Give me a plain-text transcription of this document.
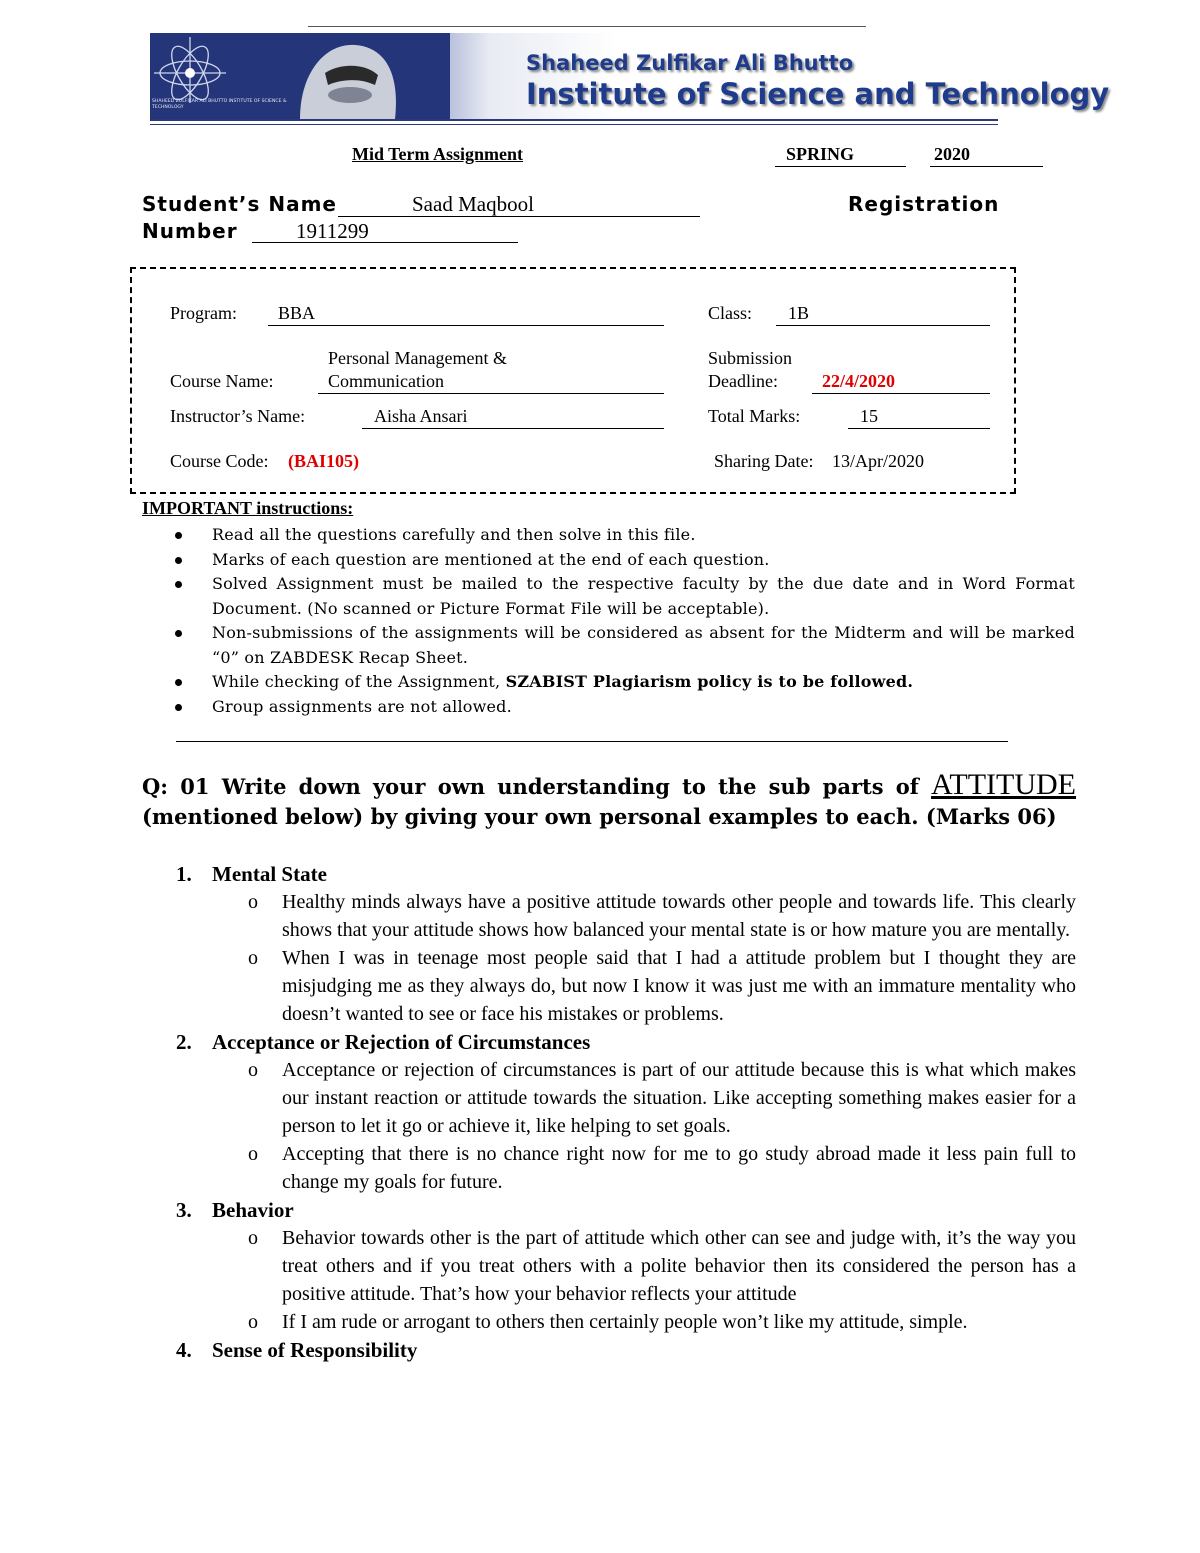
SHAHEED ZULFIKAR ALI BHUTTO INSTITUTE OF SCIENCE & TECHNOLOGY
Shaheed Zulfikar Ali Bhutto
Institute of Science and Technology
Mid Term Assignment	SPRING	2020
Student’s Name	Saad Maqbool	Registration
Number	1911299
Program: BBA	Class: 1B
Personal Management &
Course Name:	Communication
Submission
Deadline: 22/4/2020
Instructor’s Name:	Aisha Ansari	Total Marks:	15
Course Code: (BAI105)	Sharing Date: 13/Apr/2020
IMPORTANT instructions:
Read all the questions carefully and then solve in this file.
Marks of each question are mentioned at the end of each question.
Solved Assignment must be mailed to the respective faculty by the due date and in Word Format Document. (No scanned or Picture Format File will be acceptable).
Non-submissions of the assignments will be considered as absent for the Midterm and will be marked “0” on ZABDESK Recap Sheet.
While checking of the Assignment, SZABIST Plagiarism policy is to be followed.
Group assignments are not allowed.
Q: 01 Write down your own understanding to the sub parts of ATTITUDE (mentioned below) by giving your own personal examples to each. (Marks 06)
1. Mental State
o Healthy minds always have a positive attitude towards other people and towards life. This clearly shows that your attitude shows how balanced your mental state is or how mature you are mentally.
o When I was in teenage most people said that I had a attitude problem but I thought they are misjudging me as they always do, but now I know it was just me with an immature mentality who doesn’t wanted to see or face his mistakes or problems.
2. Acceptance or Rejection of Circumstances
o Acceptance or rejection of circumstances is part of our attitude because this is what which makes our instant reaction or attitude towards the situation. Like accepting something makes easier for a person to let it go or achieve it, like helping to set goals.
o Accepting that there is no chance right now for me to go study abroad made it less pain full to change my goals for future.
3. Behavior
o Behavior towards other is the part of attitude which other can see and judge with, it’s the way you treat others and if you treat others with a polite behavior then its considered the person has a positive attitude. That’s how your behavior reflects your attitude
o If I am rude or arrogant to others then certainly people won’t like my attitude, simple.
4. Sense of Responsibility
